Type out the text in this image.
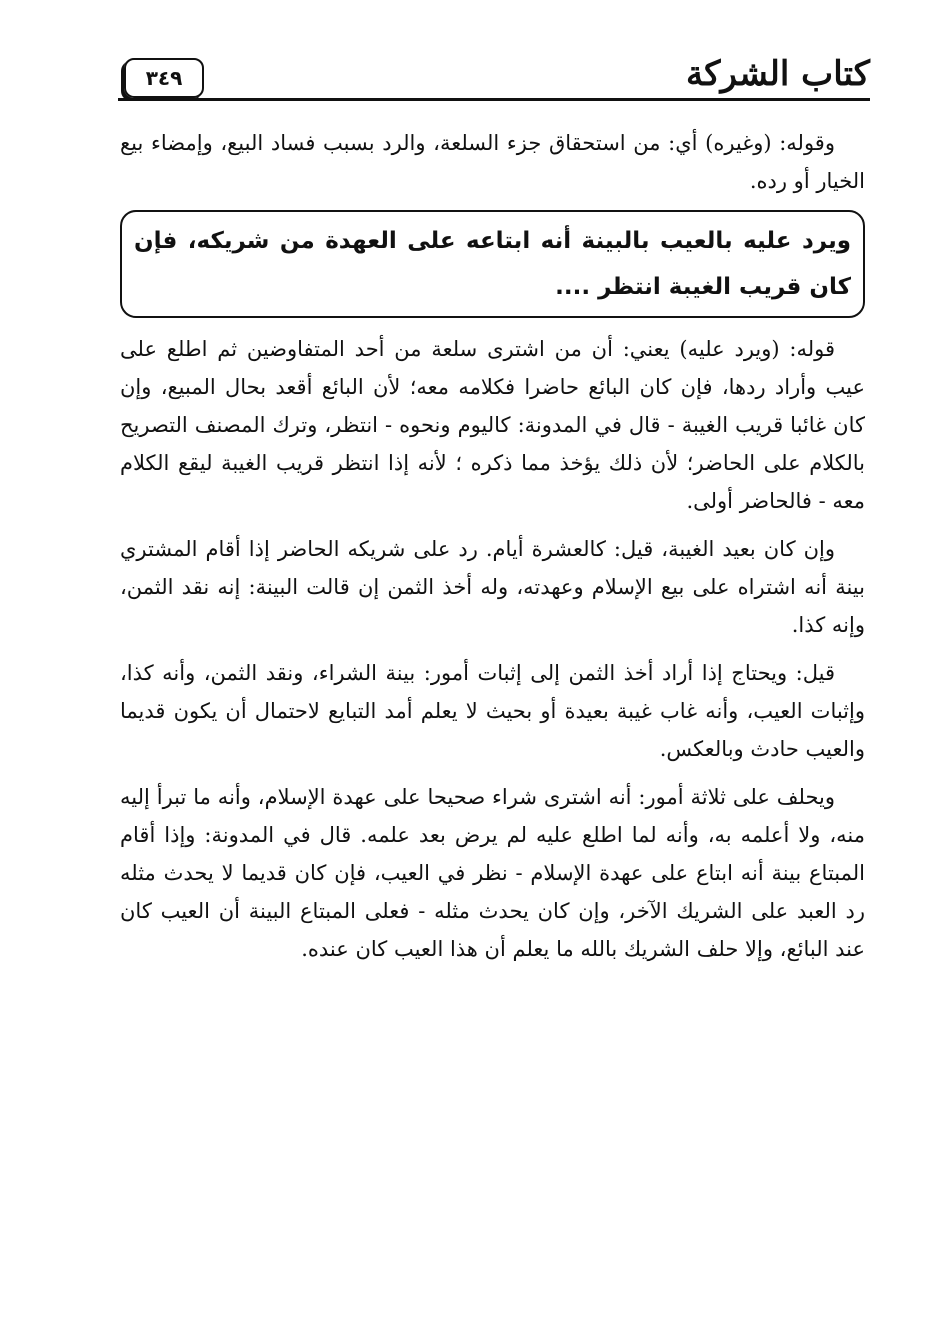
كتاب الشركة
٣٤٩

وقوله: (وغيره) أي: من استحقاق جزء السلعة، والرد بسبب فساد البيع، وإمضاء بيع الخيار أو رده.

ويرد عليه بالعيب بالبينة أنه ابتاعه على العهدة من شريكه، فإن كان قريب الغيبة انتظر ....

قوله: (ويرد عليه) يعني: أن من اشترى سلعة من أحد المتفاوضين ثم اطلع على عيب وأراد ردها، فإن كان البائع حاضرا فكلامه معه؛ لأن البائع أقعد بحال المبيع، وإن كان غائبا قريب الغيبة - قال في المدونة: كاليوم ونحوه - انتظر، وترك المصنف التصريح بالكلام على الحاضر؛ لأن ذلك يؤخذ مما ذكره ؛ لأنه إذا انتظر قريب الغيبة ليقع الكلام معه - فالحاضر أولى.

وإن كان بعيد الغيبة، قيل: كالعشرة أيام. رد على شريكه الحاضر إذا أقام المشتري بينة أنه اشتراه على بيع الإسلام وعهدته، وله أخذ الثمن إن قالت البينة: إنه نقد الثمن، وإنه كذا.

قيل: ويحتاج إذا أراد أخذ الثمن إلى إثبات أمور: بينة الشراء، ونقد الثمن، وأنه كذا، وإثبات العيب، وأنه غاب غيبة بعيدة أو بحيث لا يعلم أمد التبايع لاحتمال أن يكون قديما والعيب حادث وبالعكس.

ويحلف على ثلاثة أمور: أنه اشترى شراء صحيحا على عهدة الإسلام، وأنه ما تبرأ إليه منه، ولا أعلمه به، وأنه لما اطلع عليه لم يرض بعد علمه. قال في المدونة: وإذا أقام المبتاع بينة أنه ابتاع على عهدة الإسلام - نظر في العيب، فإن كان قديما لا يحدث مثله رد العبد على الشريك الآخر، وإن كان يحدث مثله - فعلى المبتاع البينة أن العيب كان عند البائع، وإلا حلف الشريك بالله ما يعلم أن هذا العيب كان عنده.
